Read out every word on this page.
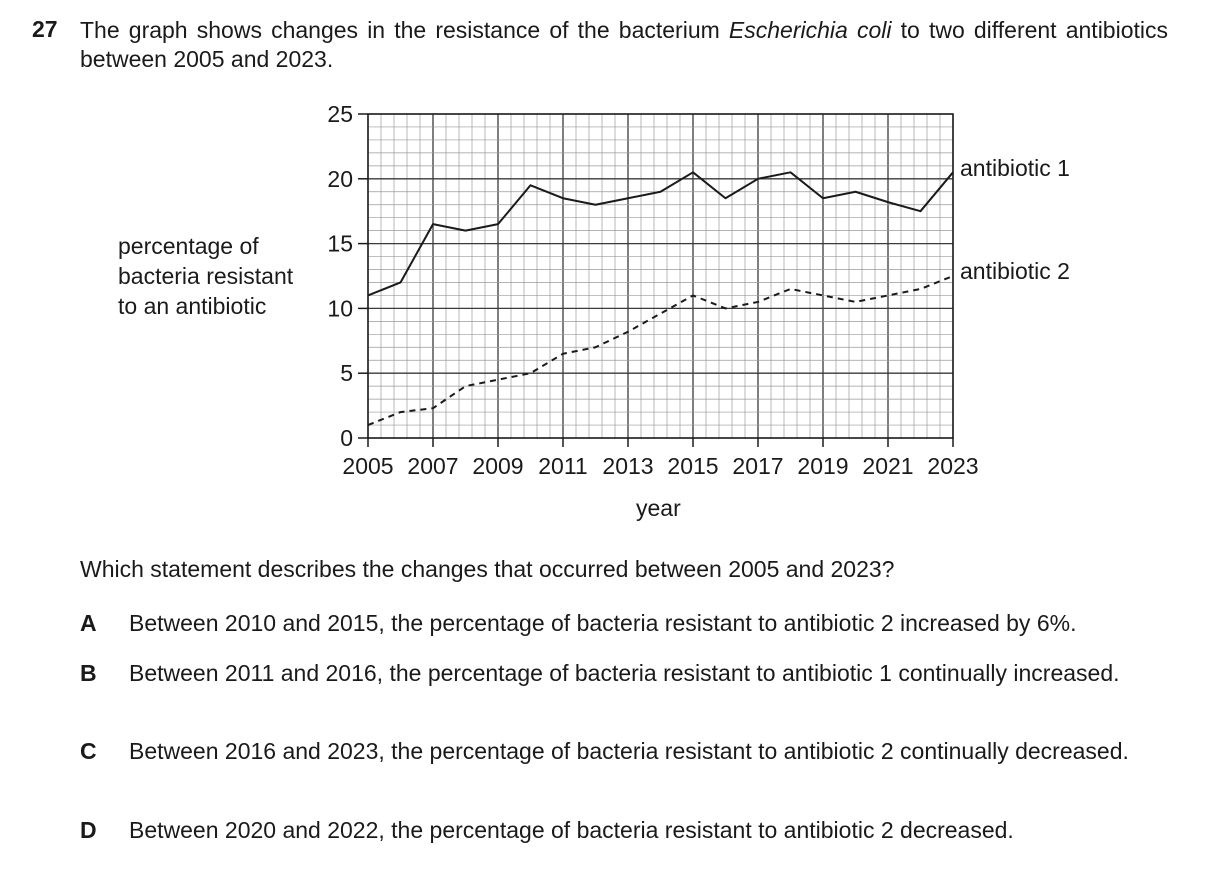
27 The graph shows changes in the resistance of the bacterium Escherichia coli to two different antibiotics between 2005 and 2023.
percentage of
bacteria resistant
to an antibiotic
0
5
10
15
20
25
2005 2007 2009 2011 2013 2015 2017 2019 2021 2023
antibiotic 1
antibiotic 2
year
Which statement describes the changes that occurred between 2005 and 2023?
A Between 2010 and 2015, the percentage of bacteria resistant to antibiotic 2 increased by 6%.
B Between 2011 and 2016, the percentage of bacteria resistant to antibiotic 1 continually increased.
C Between 2016 and 2023, the percentage of bacteria resistant to antibiotic 2 continually decreased.
D Between 2020 and 2022, the percentage of bacteria resistant to antibiotic 2 decreased.
